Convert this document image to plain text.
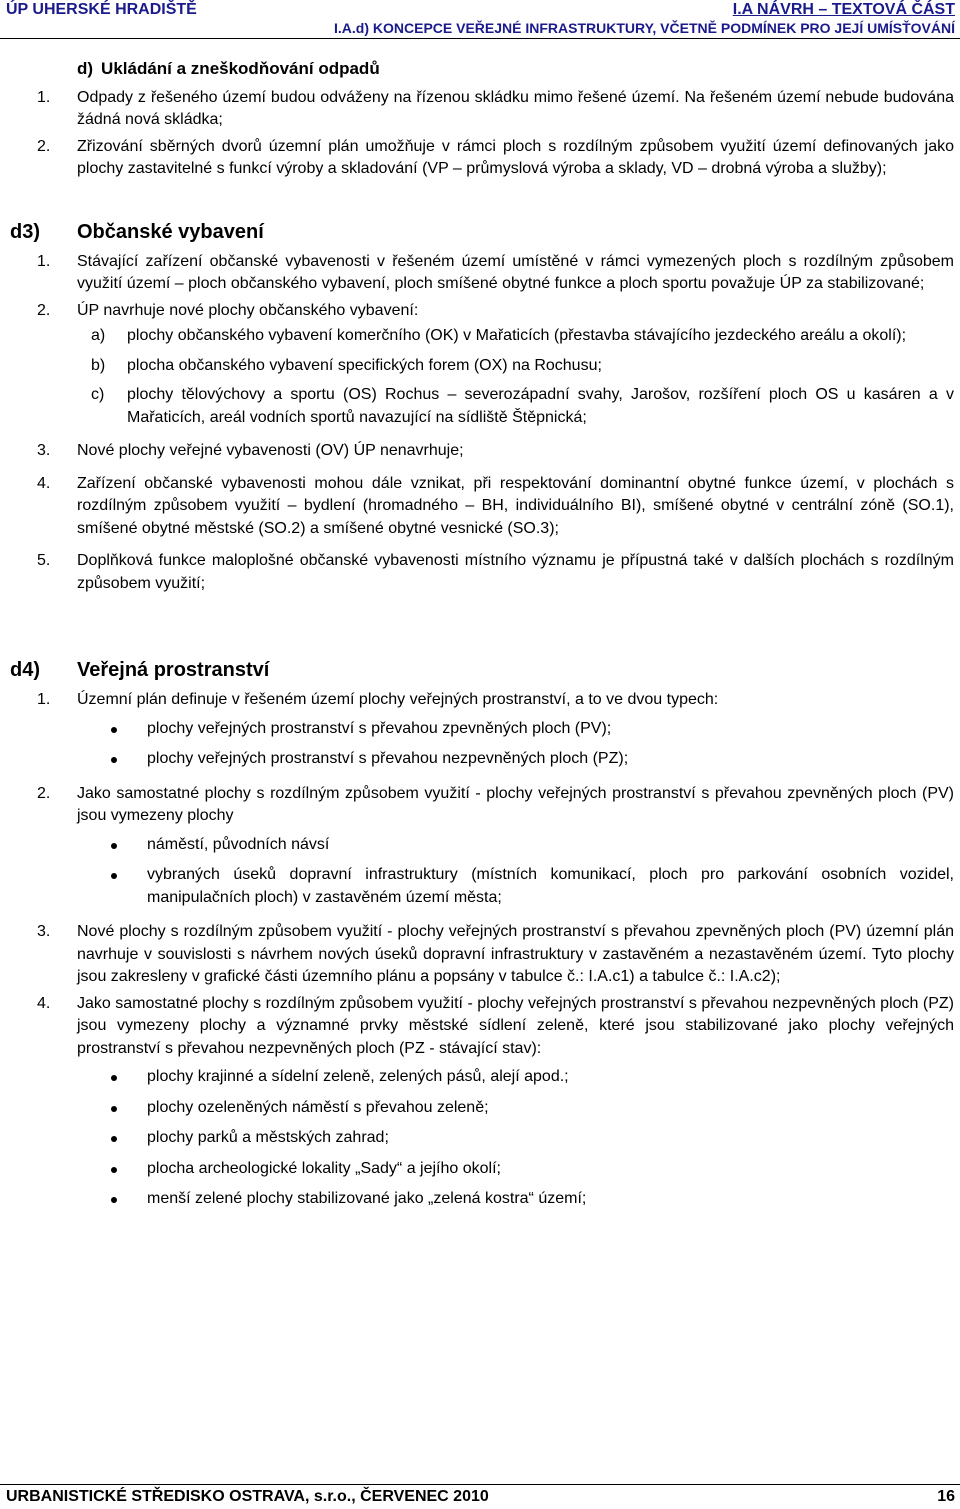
ÚP UHERSKÉ HRADIŠTĚ	I.A NÁVRH – TEXTOVÁ ČÁST
I.A.d) KONCEPCE VEŘEJNÉ INFRASTRUKTURY, VČETNĚ PODMÍNEK PRO JEJÍ UMÍSŤOVÁNÍ
d) Ukládání a zneškodňování odpadů
1.	Odpady z řešeného území budou odváženy na řízenou skládku mimo řešené území. Na řešeném území nebude budována žádná nová skládka;
2.	Zřizování sběrných dvorů územní plán umožňuje v rámci ploch s rozdílným způsobem využití území definovaných jako plochy zastavitelné s funkcí výroby a skladování (VP – průmyslová výroba a sklady, VD – drobná výroba a služby);
d3)	Občanské vybavení
1.	Stávající zařízení občanské vybavenosti v řešeném území umístěné v rámci vymezených ploch s rozdílným způsobem využití území – ploch občanského vybavení, ploch smíšené obytné funkce a ploch sportu považuje ÚP za stabilizované;
2.	ÚP navrhuje nové plochy občanského vybavení:
a)	plochy občanského vybavení komerčního (OK) v Mařaticích (přestavba stávajícího jezdeckého areálu a okolí);
b)	plocha občanského vybavení specifických forem (OX) na Rochusu;
c)	plochy tělovýchovy a sportu (OS) Rochus – severozápadní svahy, Jarošov, rozšíření ploch OS u kasáren a v Mařaticích, areál vodních sportů navazující na sídliště Štěpnická;
3.	Nové plochy veřejné vybavenosti (OV) ÚP nenavrhuje;
4.	Zařízení občanské vybavenosti mohou dále vznikat, při respektování dominantní obytné funkce území, v plochách s rozdílným způsobem využití – bydlení (hromadného – BH, individuálního BI), smíšené obytné v centrální zóně (SO.1), smíšené obytné městské (SO.2) a smíšené obytné vesnické (SO.3);
5.	Doplňková funkce maloplošné občanské vybavenosti místního významu je přípustná také v dalších plochách s rozdílným způsobem využití;
d4)	Veřejná prostranství
1.	Územní plán definuje v řešeném území plochy veřejných prostranství, a to ve dvou typech:
plochy veřejných prostranství s převahou zpevněných ploch (PV);
plochy veřejných prostranství s převahou nezpevněných ploch (PZ);
2.	Jako samostatné plochy s rozdílným způsobem využití - plochy veřejných prostranství s převahou zpevněných ploch (PV) jsou vymezeny plochy
náměstí, původních návsí
vybraných úseků dopravní infrastruktury (místních komunikací, ploch pro parkování osobních vozidel, manipulačních ploch) v zastavěném území města;
3.	Nové plochy s rozdílným způsobem využití - plochy veřejných prostranství s převahou zpevněných ploch (PV) územní plán navrhuje v souvislosti s návrhem nových úseků dopravní infrastruktury v zastavěném a nezastavěném území. Tyto plochy jsou zakresleny v grafické části územního plánu a popsány v tabulce č.: I.A.c1) a tabulce č.: I.A.c2);
4.	Jako samostatné plochy s rozdílným způsobem využití - plochy veřejných prostranství s převahou nezpevněných ploch (PZ) jsou vymezeny plochy a významné prvky městské sídlení zeleně, které jsou stabilizované jako plochy veřejných prostranství s převahou nezpevněných ploch (PZ - stávající stav):
plochy krajinné a sídelní zeleně, zelených pásů, alejí apod.;
plochy ozeleněných náměstí s převahou zeleně;
plochy parků a městských zahrad;
plocha archeologické lokality „Sady“ a jejího okolí;
menší zelené plochy stabilizované jako „zelená kostra“ území;
URBANISTICKÉ STŘEDISKO OSTRAVA, s.r.o., ČERVENEC 2010	16
